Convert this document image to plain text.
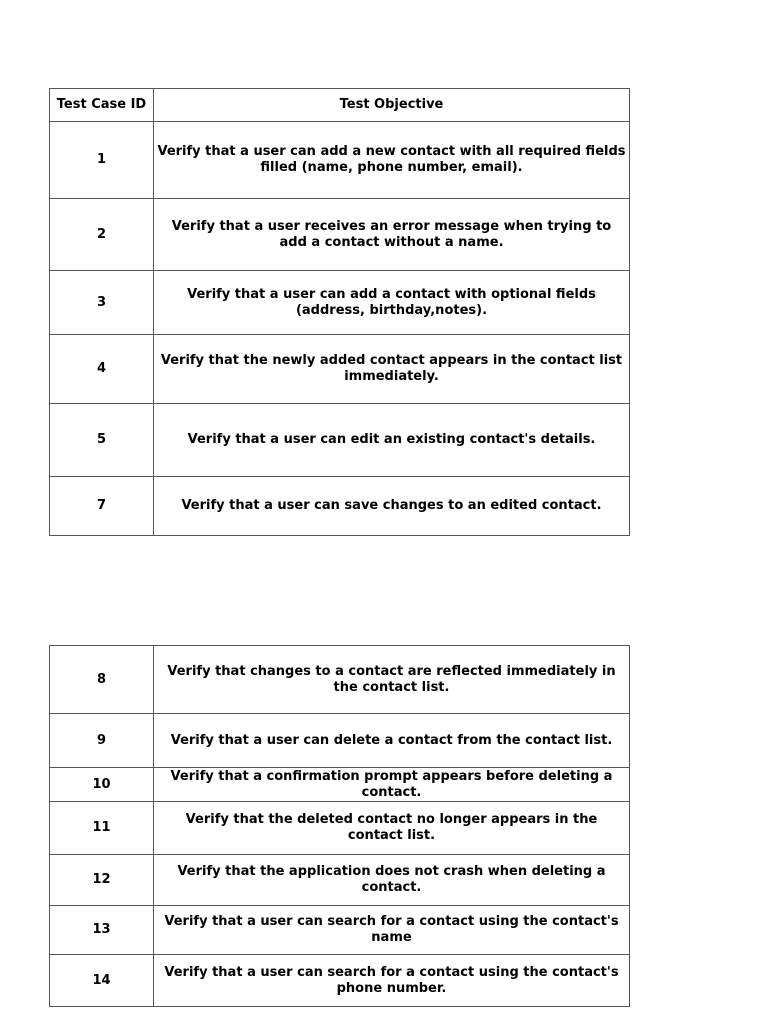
Test Case ID	Test Objective
1	Verify that a user can add a new contact with all required fields filled (name, phone number, email).
2	Verify that a user receives an error message when trying to add a contact without a name.
3	Verify that a user can add a contact with optional fields (address, birthday,notes).
4	Verify that the newly added contact appears in the contact list immediately.
5	Verify that a user can edit an existing contact's details.
7	Verify that a user can save changes to an edited contact.
8	Verify that changes to a contact are reflected immediately in the contact list.
9	Verify that a user can delete a contact from the contact list.
10	Verify that a confirmation prompt appears before deleting a contact.
11	Verify that the deleted contact no longer appears in the contact list.
12	Verify that the application does not crash when deleting a contact.
13	Verify that a user can search for a contact using the contact's name
14	Verify that a user can search for a contact using the contact's phone number.
